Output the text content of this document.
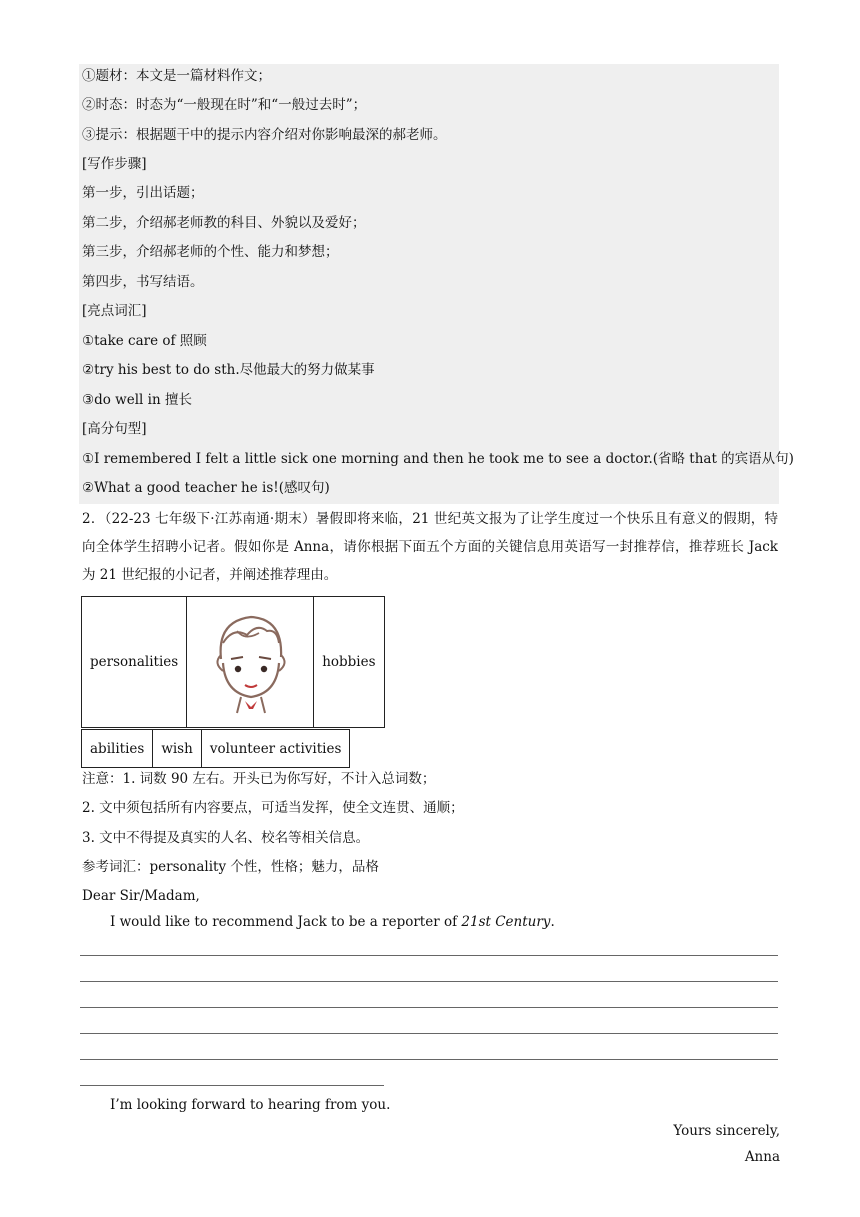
①题材：本文是一篇材料作文；
②时态：时态为“一般现在时”和“一般过去时”；
③提示：根据题干中的提示内容介绍对你影响最深的郝老师。
[写作步骤]
第一步，引出话题；
第二步，介绍郝老师教的科目、外貌以及爱好；
第三步，介绍郝老师的个性、能力和梦想；
第四步，书写结语。
[亮点词汇]
①take care of 照顾
②try his best to do sth.尽他最大的努力做某事
③do well in 擅长
[高分句型]
①I remembered I felt a little sick one morning and then he took me to see a doctor.(省略 that 的宾语从句)
②What a good teacher he is!(感叹句)
2．（22-23 七年级下·江苏南通·期末）暑假即将来临，21 世纪英文报为了让学生度过一个快乐且有意义的假期，特向全体学生招聘小记者。假如你是 Anna，请你根据下面五个方面的关键信息用英语写一封推荐信，推荐班长 Jack 为 21 世纪报的小记者，并阐述推荐理由。
personalities		hobbies
abilities	wish	volunteer activities
注意：1. 词数 90 左右。开头已为你写好，不计入总词数；
2. 文中须包括所有内容要点，可适当发挥，使全文连贯、通顺；
3. 文中不得提及真实的人名、校名等相关信息。
参考词汇：personality 个性，性格；魅力，品格
Dear Sir/Madam,
I would like to recommend Jack to be a reporter of 21st Century.
I’m looking forward to hearing from you.
Yours sincerely,
Anna
